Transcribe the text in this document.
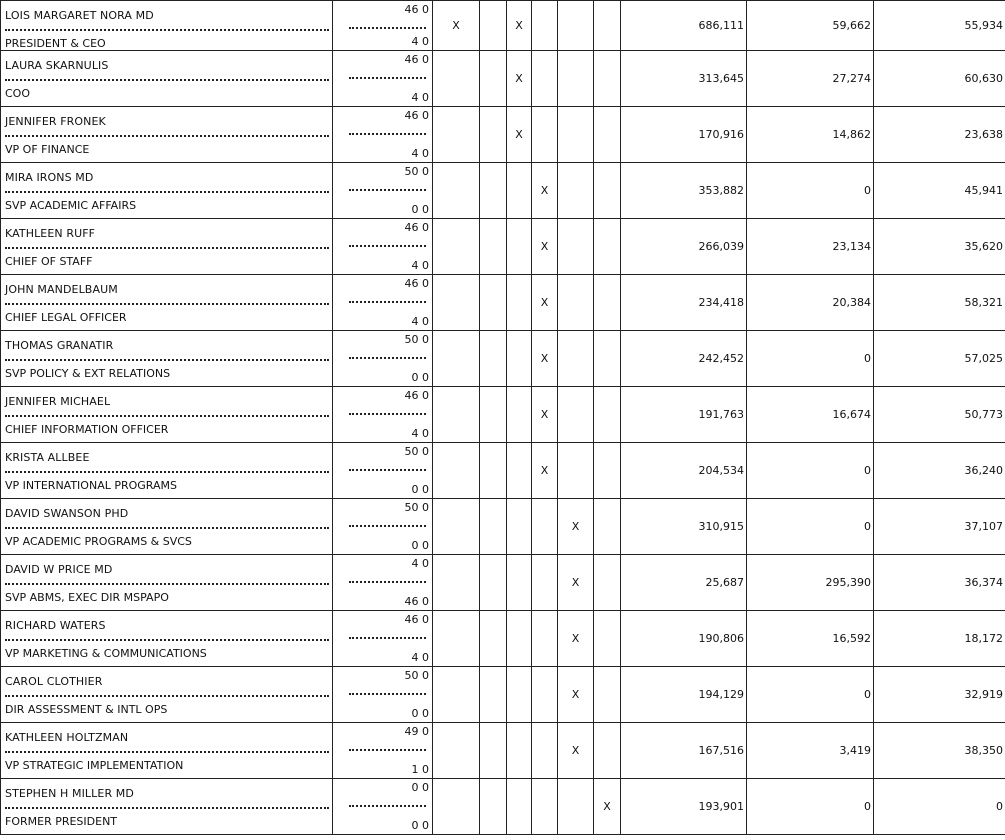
LOIS MARGARET NORA MD
PRESIDENT & CEO	46 0
4 0	X		X				686,111	59,662	55,934

LAURA SKARNULIS
COO	46 0
4 0			X				313,645	27,274	60,630

JENNIFER FRONEK
VP OF FINANCE	46 0
4 0			X				170,916	14,862	23,638

MIRA IRONS MD
SVP ACADEMIC AFFAIRS	50 0
0 0				X			353,882	0	45,941

KATHLEEN RUFF
CHIEF OF STAFF	46 0
4 0				X			266,039	23,134	35,620

JOHN MANDELBAUM
CHIEF LEGAL OFFICER	46 0
4 0				X			234,418	20,384	58,321

THOMAS GRANATIR
SVP POLICY & EXT RELATIONS	50 0
0 0				X			242,452	0	57,025

JENNIFER MICHAEL
CHIEF INFORMATION OFFICER	46 0
4 0				X			191,763	16,674	50,773

KRISTA ALLBEE
VP INTERNATIONAL PROGRAMS	50 0
0 0				X			204,534	0	36,240

DAVID SWANSON PHD
VP ACADEMIC PROGRAMS & SVCS	50 0
0 0					X		310,915	0	37,107

DAVID W PRICE MD
SVP ABMS, EXEC DIR MSPAPO	4 0
46 0					X		25,687	295,390	36,374

RICHARD WATERS
VP MARKETING & COMMUNICATIONS	46 0
4 0					X		190,806	16,592	18,172

CAROL CLOTHIER
DIR ASSESSMENT & INTL OPS	50 0
0 0					X		194,129	0	32,919

KATHLEEN HOLTZMAN
VP STRATEGIC IMPLEMENTATION	49 0
1 0					X		167,516	3,419	38,350

STEPHEN H MILLER MD
FORMER PRESIDENT	0 0
0 0						X	193,901	0	0
